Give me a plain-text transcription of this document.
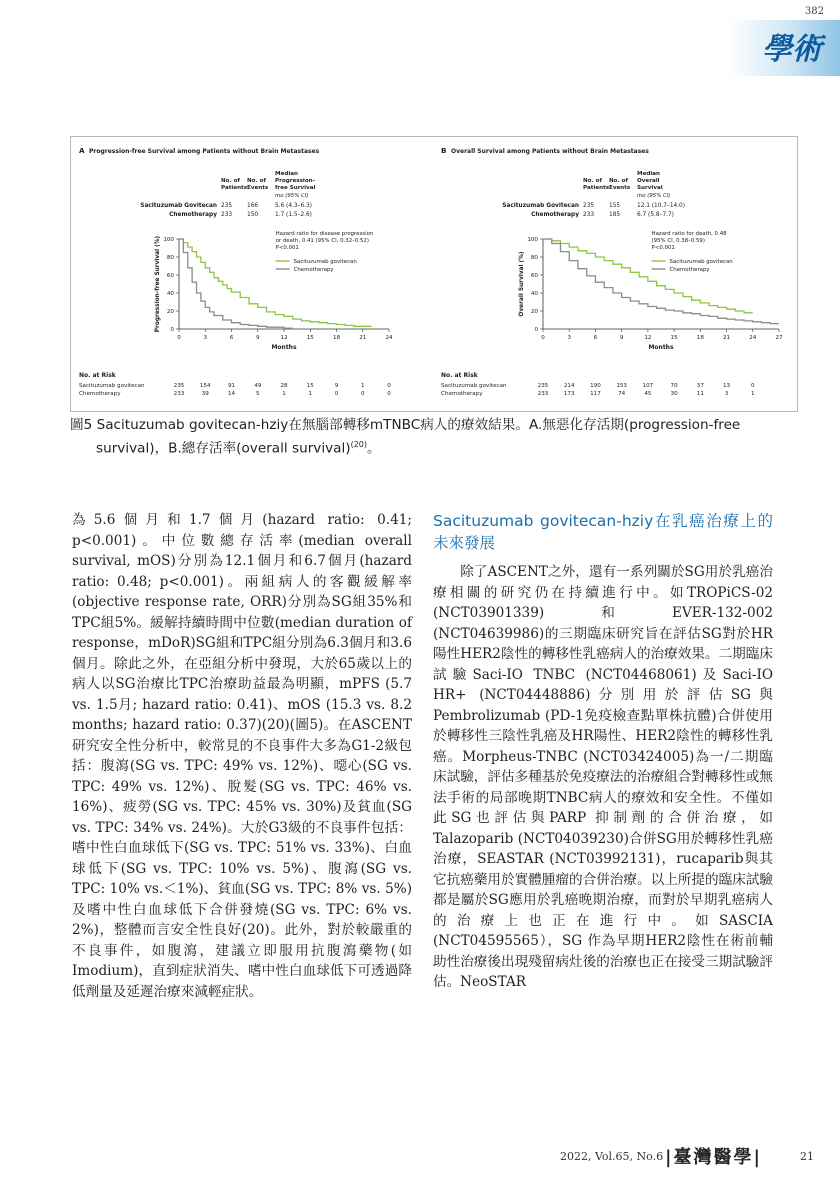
382
學術
A Progression-free Survival among Patients without Brain Metastases
No. of
Patients
No. of
Events
Median
Progression-
free Survival
mo (95% CI)
Sacituzumab Govitecan 235	166	5.6 (4.3–6.3)
Chemotherapy 233	150	1.7 (1.5–2.6)
Hazard ratio for disease progression
or death, 0.41 (95% CI, 0.32–0.52)
P<0.001
Sacituzumab govitecan
Chemotherapy
0
20
40
60
80
100
0	3	6	9	12	15	18	21	24
Months
Progression-free Survival (%)
No. at Risk
Sacituzumab govitecan	235	154	91	49	28	15	9	1	0
Chemotherapy	233	39	14	5	1	1	0	0	0
B Overall Survival among Patients without Brain Metastases
No. of
Patients
No. of
Events
Median
Overall
Survival
mo (95% CI)
Sacituzumab Govitecan 235	155	12.1 (10.7–14.0)
Chemotherapy 233	185	6.7 (5.8–7.7)
Hazard ratio for death, 0.48
(95% CI, 0.38–0.59)
P<0.001
Sacituzumab govitecan
Chemotherapy
0
20
40
60
80
100
0	3	6	9	12	15	18	21	24	27
Months
Overall Survival (%)
No. at Risk
Sacituzumab govitecan	235	214	190	153	107	70	37	13	0
Chemotherapy	233	173	117	74	45	30	11	3	1
圖5 Sacituzumab govitecan-hziy在無腦部轉移mTNBC病人的療效結果。A.無惡化存活期(progression-free
survival)，B.總存活率(overall survival)$^{(20)}$。

為5.6個月和1.7個月(hazard ratio: 0.41; p<0.001)。中位數總存活率(median overall survival, mOS)分別為12.1個月和6.7個月(hazard ratio: 0.48; p<0.001)。兩組病人的客觀緩解率(objective response rate, ORR)分別為SG組35%和TPC組5%。緩解持續時間中位數(median duration of response，mDoR)SG組和TPC組分別為6.3個月和3.6個月。除此之外，在亞組分析中發現，大於65歲以上的病人以SG治療比TPC治療助益最為明顯，mPFS (5.7 vs. 1.5月; hazard ratio: 0.41)、mOS (15.3 vs. 8.2 months; hazard ratio: 0.37)(20)(圖5)。在ASCENT研究安全性分析中，較常見的不良事件大多為G1-2級包括：腹瀉(SG vs. TPC: 49% vs. 12%)、噁心(SG vs. TPC: 49% vs. 12%)、脫髮(SG vs. TPC: 46% vs. 16%)、疲勞(SG vs. TPC: 45% vs. 30%)及貧血(SG vs. TPC: 34% vs. 24%)。大於G3級的不良事件包括：嗜中性白血球低下(SG vs. TPC: 51% vs. 33%)、白血球低下(SG vs. TPC: 10% vs. 5%)、腹瀉(SG vs. TPC: 10% vs.＜1%)、貧血(SG vs. TPC: 8% vs. 5%)及嗜中性白血球低下合併發燒(SG vs. TPC: 6% vs. 2%)，整體而言安全性良好(20)。此外，對於較嚴重的不良事件，如腹瀉，建議立即服用抗腹瀉藥物(如Imodium)，直到症狀消失、嗜中性白血球低下可透過降低劑量及延遲治療來減輕症狀。

Sacituzumab govitecan-hziy在乳癌治療上的未來發展

除了ASCENT之外，還有一系列關於SG用於乳癌治療相關的研究仍在持續進行中。如TROPiCS-02 (NCT03901339)和EVER-132-002 (NCT04639986)的三期臨床研究旨在評估SG對於HR陽性HER2陰性的轉移性乳癌病人的治療效果。二期臨床試驗Saci-IO TNBC (NCT04468061)及Saci-IO HR+ (NCT04448886)分別用於評估SG與Pembrolizumab (PD-1免疫檢查點單株抗體)合併使用於轉移性三陰性乳癌及HR陽性、HER2陰性的轉移性乳癌。Morpheus-TNBC (NCT03424005)為一/二期臨床試驗，評估多種基於免疫療法的治療組合對轉移性或無法手術的局部晚期TNBC病人的療效和安全性。不僅如此SG也評估與PARP 抑制劑的合併治療，如Talazoparib (NCT04039230)合併SG用於轉移性乳癌治療，SEASTAR (NCT03992131)，rucaparib與其它抗癌藥用於實體腫瘤的合併治療。以上所提的臨床試驗都是屬於SG應用於乳癌晚期治療，而對於早期乳癌病人的治療上也正在進行中。如SASCIA (NCT04595565），SG 作為早期HER2陰性在術前輔助性治療後出現殘留病灶後的治療也正在接受三期試驗評估。NeoSTAR

2022, Vol.65, No.6 |臺灣醫學|	21
